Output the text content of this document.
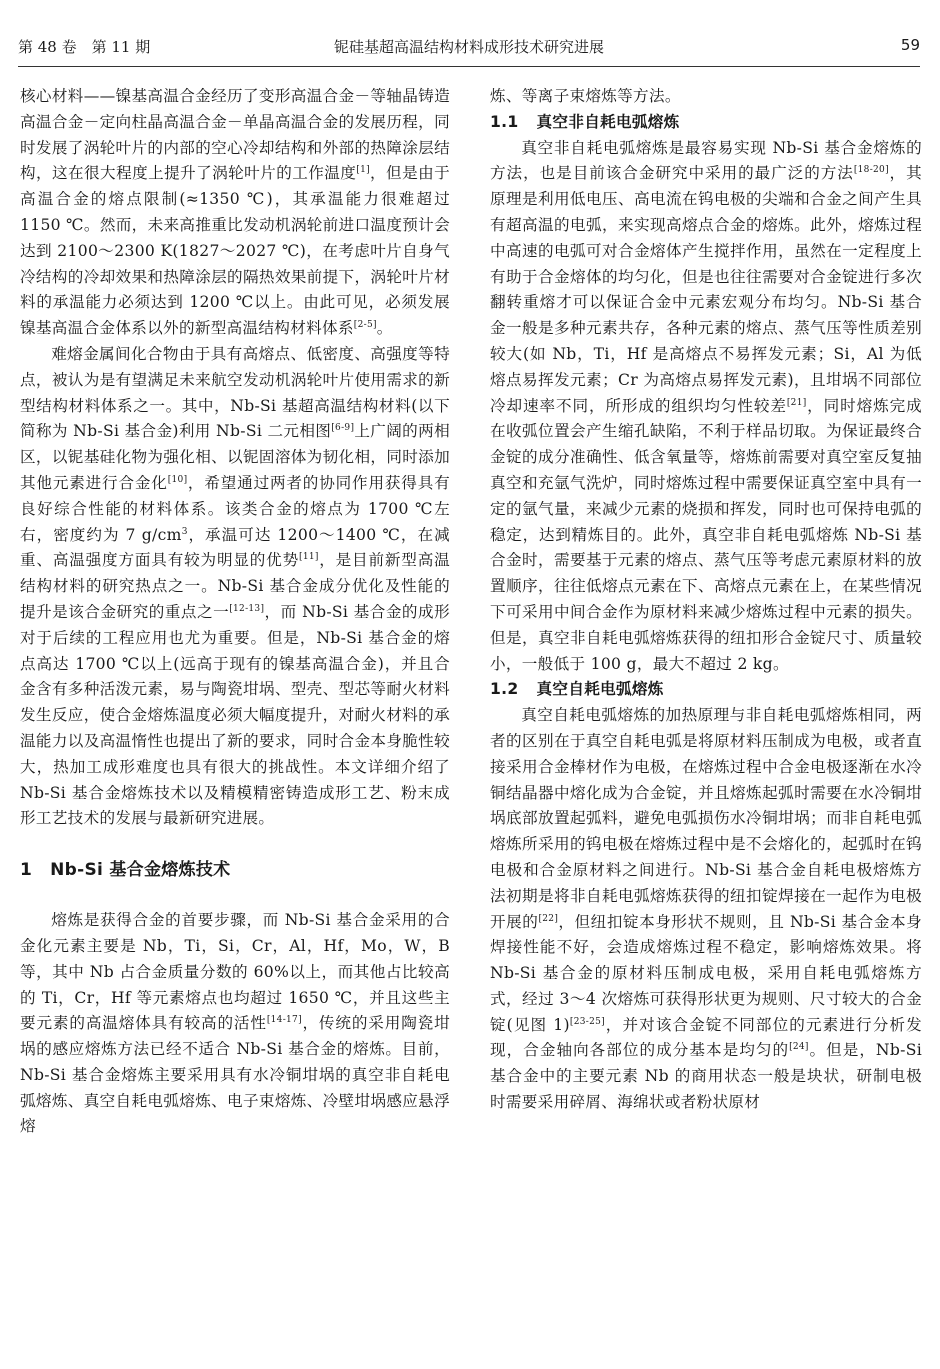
第 48 卷　第 11 期	铌硅基超高温结构材料成形技术研究进展	59

核心材料——镍基高温合金经历了变形高温合金－等轴晶铸造高温合金－定向柱晶高温合金－单晶高温合金的发展历程，同时发展了涡轮叶片的内部的空心冷却结构和外部的热障涂层结构，这在很大程度上提升了涡轮叶片的工作温度[1]，但是由于高温合金的熔点限制(≈1350 ℃)，其承温能力很难超过 1150 ℃。然而，未来高推重比发动机涡轮前进口温度预计会达到 2100～2300 K(1827～2027 ℃)，在考虑叶片自身气冷结构的冷却效果和热障涂层的隔热效果前提下，涡轮叶片材料的承温能力必须达到 1200 ℃以上。由此可见，必须发展镍基高温合金体系以外的新型高温结构材料体系[2-5]。

难熔金属间化合物由于具有高熔点、低密度、高强度等特点，被认为是有望满足未来航空发动机涡轮叶片使用需求的新型结构材料体系之一。其中，Nb-Si 基超高温结构材料(以下简称为 Nb-Si 基合金)利用 Nb-Si 二元相图[6-9]上广阔的两相区，以铌基硅化物为强化相、以铌固溶体为韧化相，同时添加其他元素进行合金化[10]，希望通过两者的协同作用获得具有良好综合性能的材料体系。该类合金的熔点为 1700 ℃左右，密度约为 7 $g/cm^3$，承温可达 1200～1400 ℃，在减重、高温强度方面具有较为明显的优势[11]，是目前新型高温结构材料的研究热点之一。Nb-Si 基合金成分优化及性能的提升是该合金研究的重点之一[12-13]，而 Nb-Si 基合金的成形对于后续的工程应用也尤为重要。但是，Nb-Si 基合金的熔点高达 1700 ℃以上(远高于现有的镍基高温合金)，并且合金含有多种活泼元素，易与陶瓷坩埚、型壳、型芯等耐火材料发生反应，使合金熔炼温度必须大幅度提升，对耐火材料的承温能力以及高温惰性也提出了新的要求，同时合金本身脆性较大，热加工成形难度也具有很大的挑战性。本文详细介绍了 Nb-Si 基合金熔炼技术以及精模精密铸造成形工艺、粉末成形工艺技术的发展与最新研究进展。

1 Nb-Si 基合金熔炼技术

熔炼是获得合金的首要步骤，而 Nb-Si 基合金采用的合金化元素主要是 Nb，Ti，Si，Cr，Al，Hf，Mo，W，B 等，其中 Nb 占合金质量分数的 60%以上，而其他占比较高的 Ti，Cr，Hf 等元素熔点也均超过 1650 ℃，并且这些主要元素的高温熔体具有较高的活性[14-17]，传统的采用陶瓷坩埚的感应熔炼方法已经不适合 Nb-Si 基合金的熔炼。目前，Nb-Si 基合金熔炼主要采用具有水冷铜坩埚的真空非自耗电弧熔炼、真空自耗电弧熔炼、电子束熔炼、冷壁坩埚感应悬浮熔

炼、等离子束熔炼等方法。

1.1 真空非自耗电弧熔炼

真空非自耗电弧熔炼是最容易实现 Nb-Si 基合金熔炼的方法，也是目前该合金研究中采用的最广泛的方法[18-20]，其原理是利用低电压、高电流在钨电极的尖端和合金之间产生具有超高温的电弧，来实现高熔点合金的熔炼。此外，熔炼过程中高速的电弧可对合金熔体产生搅拌作用，虽然在一定程度上有助于合金熔体的均匀化，但是也往往需要对合金锭进行多次翻转重熔才可以保证合金中元素宏观分布均匀。Nb-Si 基合金一般是多种元素共存，各种元素的熔点、蒸气压等性质差别较大(如 Nb，Ti，Hf 是高熔点不易挥发元素；Si，Al 为低熔点易挥发元素；Cr 为高熔点易挥发元素)，且坩埚不同部位冷却速率不同，所形成的组织均匀性较差[21]，同时熔炼完成在收弧位置会产生缩孔缺陷，不利于样品切取。为保证最终合金锭的成分准确性、低含氧量等，熔炼前需要对真空室反复抽真空和充氩气洗炉，同时熔炼过程中需要保证真空室中具有一定的氩气量，来减少元素的烧损和挥发，同时也可保持电弧的稳定，达到精炼目的。此外，真空非自耗电弧熔炼 Nb-Si 基合金时，需要基于元素的熔点、蒸气压等考虑元素原材料的放置顺序，往往低熔点元素在下、高熔点元素在上，在某些情况下可采用中间合金作为原材料来减少熔炼过程中元素的损失。但是，真空非自耗电弧熔炼获得的纽扣形合金锭尺寸、质量较小，一般低于 100 g，最大不超过 2 kg。

1.2 真空自耗电弧熔炼

真空自耗电弧熔炼的加热原理与非自耗电弧熔炼相同，两者的区别在于真空自耗电弧是将原材料压制成为电极，或者直接采用合金棒材作为电极，在熔炼过程中合金电极逐渐在水冷铜结晶器中熔化成为合金锭，并且熔炼起弧时需要在水冷铜坩埚底部放置起弧料，避免电弧损伤水冷铜坩埚；而非自耗电弧熔炼所采用的钨电极在熔炼过程中是不会熔化的，起弧时在钨电极和合金原材料之间进行。Nb-Si 基合金自耗电极熔炼方法初期是将非自耗电弧熔炼获得的纽扣锭焊接在一起作为电极开展的[22]，但纽扣锭本身形状不规则，且 Nb-Si 基合金本身焊接性能不好，会造成熔炼过程不稳定，影响熔炼效果。将 Nb-Si 基合金的原材料压制成电极，采用自耗电弧熔炼方式，经过 3～4 次熔炼可获得形状更为规则、尺寸较大的合金锭(见图 1)[23-25]，并对该合金锭不同部位的元素进行分析发现，合金轴向各部位的成分基本是均匀的[24]。但是，Nb-Si 基合金中的主要元素 Nb 的商用状态一般是块状，研制电极时需要采用碎屑、海绵状或者粉状原材
